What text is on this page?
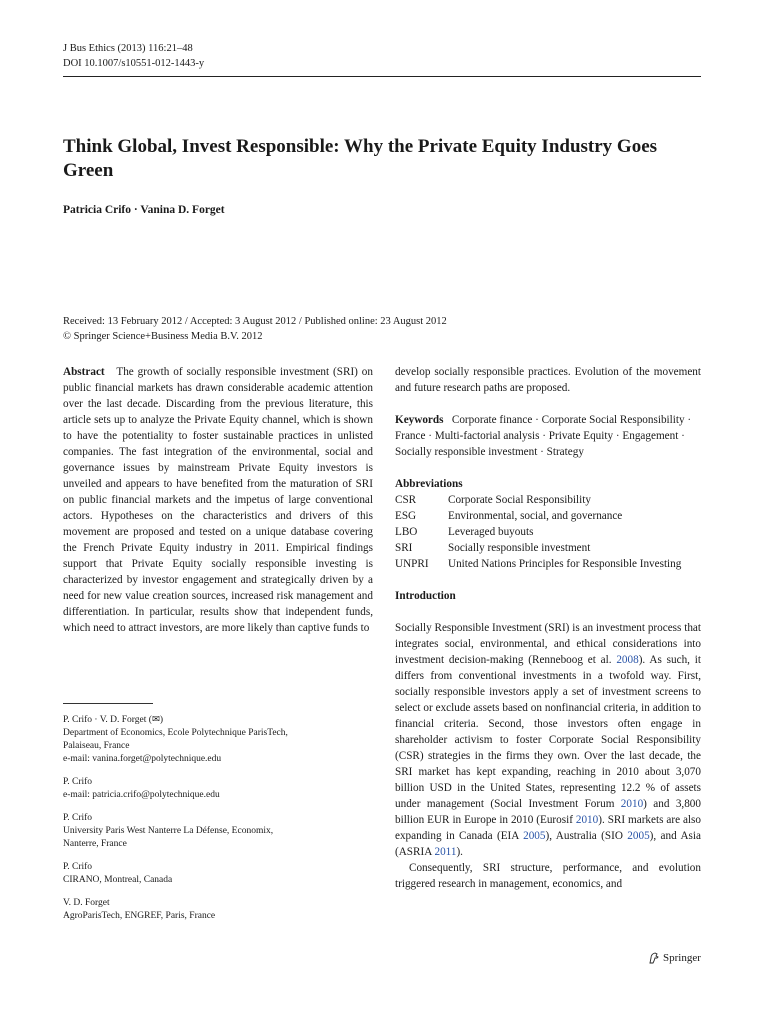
J Bus Ethics (2013) 116:21–48
DOI 10.1007/s10551-012-1443-y
Think Global, Invest Responsible: Why the Private Equity Industry Goes Green
Patricia Crifo · Vanina D. Forget
Received: 13 February 2012 / Accepted: 3 August 2012 / Published online: 23 August 2012
© Springer Science+Business Media B.V. 2012
Abstract The growth of socially responsible investment (SRI) on public financial markets has drawn considerable academic attention over the last decade. Discarding from the previous literature, this article sets up to analyze the Private Equity channel, which is shown to have the potentiality to foster sustainable practices in unlisted companies. The fast integration of the environmental, social and governance issues by mainstream Private Equity investors is unveiled and appears to have benefited from the maturation of SRI on public financial markets and the impetus of large conventional actors. Hypotheses on the characteristics and drivers of this movement are proposed and tested on a unique database covering the French Private Equity industry in 2011. Empirical findings support that Private Equity socially responsible investing is characterized by investor engagement and strategically driven by a need for new value creation sources, increased risk management and differentiation. In particular, results show that independent funds, which need to attract investors, are more likely than captive funds to
P. Crifo · V. D. Forget (✉)
Department of Economics, Ecole Polytechnique ParisTech,
Palaiseau, France
e-mail: vanina.forget@polytechnique.edu
P. Crifo
e-mail: patricia.crifo@polytechnique.edu
P. Crifo
University Paris West Nanterre La Défense, Economix,
Nanterre, France
P. Crifo
CIRANO, Montreal, Canada
V. D. Forget
AgroParisTech, ENGREF, Paris, France
develop socially responsible practices. Evolution of the movement and future research paths are proposed.
Keywords Corporate finance · Corporate Social Responsibility · France · Multi-factorial analysis · Private Equity · Engagement · Socially responsible investment · Strategy
Abbreviations
CSR	Corporate Social Responsibility
ESG	Environmental, social, and governance
LBO	Leveraged buyouts
SRI	Socially responsible investment
UNPRI	United Nations Principles for Responsible Investing
Introduction
Socially Responsible Investment (SRI) is an investment process that integrates social, environmental, and ethical considerations into investment decision-making (Renneboog et al. 2008). As such, it differs from conventional investments in a twofold way. First, socially responsible investors apply a set of investment screens to select or exclude assets based on nonfinancial criteria, in addition to financial criteria. Second, those investors often engage in shareholder activism to foster Corporate Social Responsibility (CSR) strategies in the firms they own. Over the last decade, the SRI market has kept expanding, reaching in 2010 about 3,070 billion USD in the United States, representing 12.2 % of assets under management (Social Investment Forum 2010) and 3,800 billion EUR in Europe in 2010 (Eurosif 2010). SRI markets are also expanding in Canada (EIA 2005), Australia (SIO 2005), and Asia (ASRIA 2011).
Consequently, SRI structure, performance, and evolution triggered research in management, economics, and
Springer
